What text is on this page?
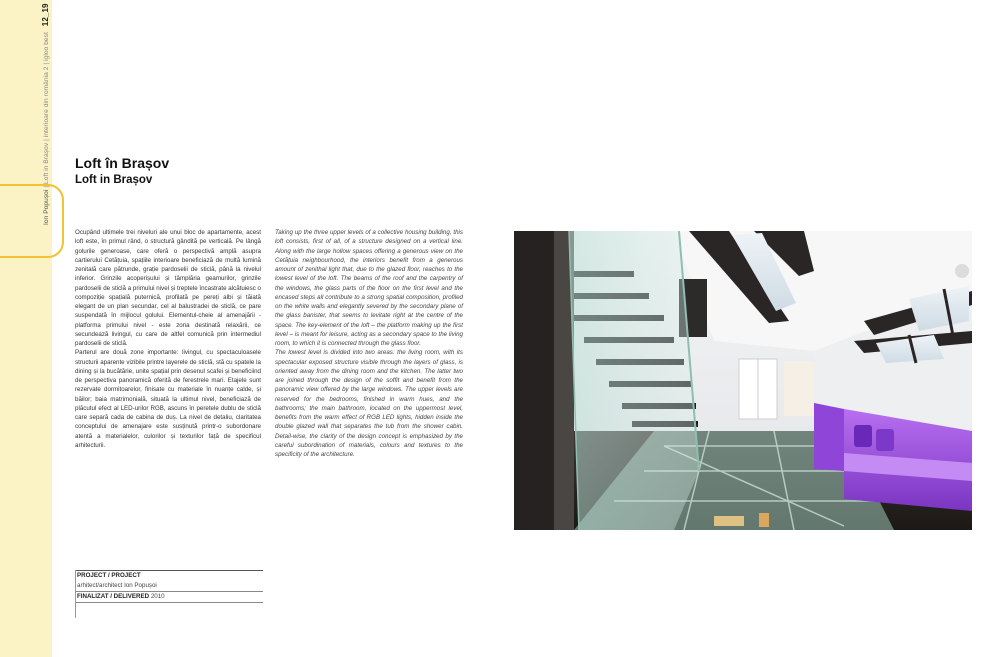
Ion Popușoi | Loft in Brașov | interioare din românia 2 | igloo best 12_19
Loft în Brașov
Loft in Brașov

Ocupând ultimele trei niveluri ale unui bloc de apartamente, acest loft este, în primul rând, o structură gândită pe verticală. Pe lângă golurile generoase, care oferă o perspectivă amplă asupra cartierului Cetățuia, spațiile interioare beneficiază de multă lumină zenitală care pătrunde, grație pardoselii de sticlă, până la nivelul inferior. Grinzile acoperișului și tâmplăria geamurilor, grinzile pardoselii de sticlă a primului nivel și treptele încastrate alcătuiesc o compoziție spațială puternică, profilată pe pereți albi și tăiată elegant de un plan secundar, cel al balustradei de sticlă, ce pare suspendată în mijlocul golului. Elementul-cheie al amenajării - platforma primului nivel - este zona destinată relaxării, ce secundează livingul, cu care de altfel comunică prin intermediul pardoselii de sticlă.

Parterul are două zone importante: livingul, cu spectaculoasele structurii aparente vizibile printre layerele de sticlă, stă cu spatele la dining și la bucătărie, unite spațial prin desenul scafei și beneficiind de perspectiva panoramică oferită de ferestrele mari. Etajele sunt rezervate dormitoarelor, finisate cu materiale în nuanțe calde, și băilor; baia matrimonială, situată la ultimul nivel, beneficiază de plăcutul efect al LED-urilor RGB, ascuns în peretele dublu de sticlă care separă cada de cabina de duș. La nivel de detaliu, claritatea conceptului de amenajare este susținută printr-o subordonare atentă a materialelor, culorilor și texturilor față de specificul arhitecturii.

Taking up the three upper levels of a collective housing building, this loft consists, first of all, of a structure designed on a vertical line. Along with the large hollow spaces offering a generous view on the Cetățuia neighbourhood, the interiors benefit from a generous amount of zenithal light that, due to the glazed floor, reaches to the lowest level of the loft. The beams of the roof and the carpentry of the windows, the glass parts of the floor on the first level and the encased steps all contribute to a strong spatial composition, profiled on the white walls and elegantly severed by the secondary plane of the glass banister, that seems to levitate right at the centre of the space. The key-element of the loft – the platform making up the first level – is meant for leisure, acting as a secondary space to the living room, to which it is connected through the glass floor.

The lowest level is divided into two areas: the living room, with its spectacular exposed structure visible through the layers of glass, is oriented away from the dining room and the kitchen. The latter two are joined through the design of the soffit and benefit from the panoramic view offered by the large windows. The upper levels are reserved for the bedrooms, finished in warm hues, and the bathrooms; the main bathroom, located on the uppermost level, benefits from the warm effect of RGB LED lights, hidden inside the double glazed wall that separates the tub from the shower cabin. Detail-wise, the clarity of the design concept is emphasized by the careful subordination of materials, colours and textures to the specificity of the architecture.

PROJECT / PROJECT
arhitect/architect Ion Popușoi
FINALIZAT / DELIVERED 2010
